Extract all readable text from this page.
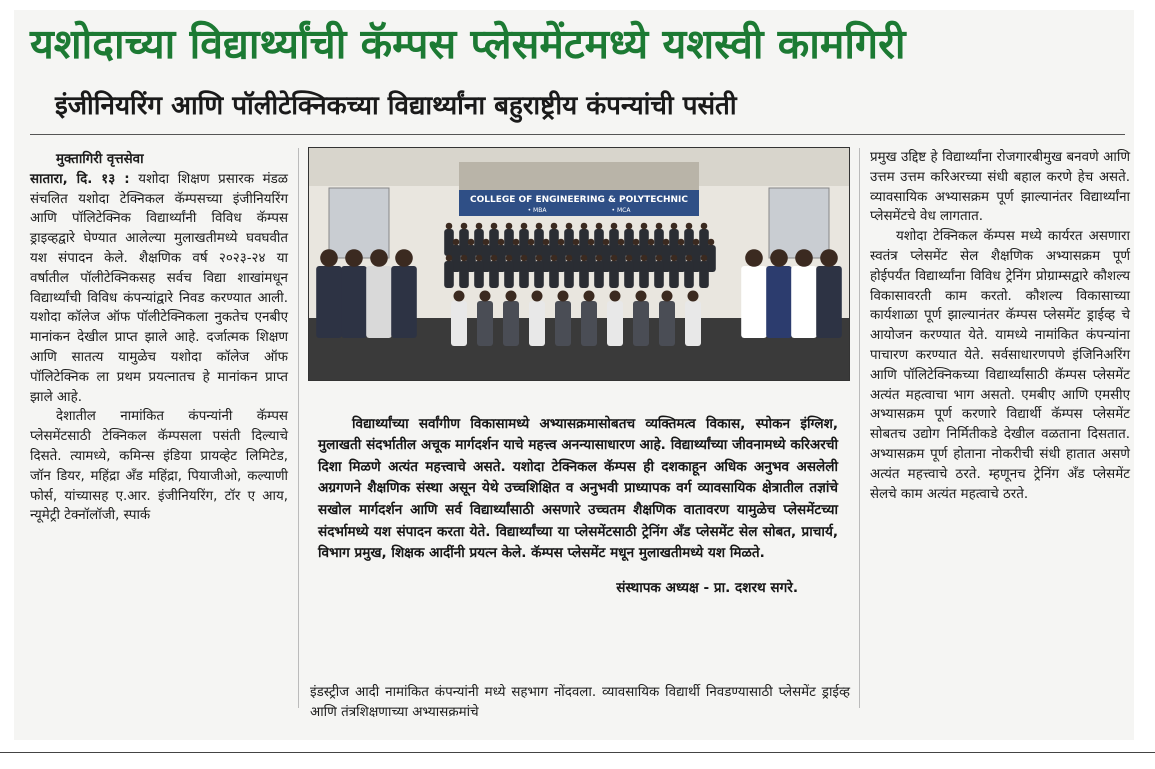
यशोदाच्या विद्यार्थ्यांची कॅम्पस प्लेसमेंटमध्ये यशस्वी कामगिरी
इंजीनियरिंग आणि पॉलीटेक्निकच्या विद्यार्थ्यांना बहुराष्ट्रीय कंपन्यांची पसंती

मुक्तागिरी वृत्तसेवा

सातारा, दि. १३ : यशोदा शिक्षण प्रसारक मंडळ संचलित यशोदा टेक्निकल कॅम्पसच्या इंजीनियरिंग आणि पॉलिटेक्निक विद्यार्थ्यांनी विविध कॅम्पस ड्राइव्हद्वारे घेण्यात आलेल्या मुलाखतीमध्ये घवघवीत यश संपादन केले. शैक्षणिक वर्ष २०२३-२४ या वर्षातील पॉलीटेक्निकसह सर्वच विद्या शाखांमधून विद्यार्थ्यांची विविध कंपन्यांद्वारे निवड करण्यात आली. यशोदा कॉलेज ऑफ पॉलीटेक्निकला नुकतेच एनबीए मानांकन देखील प्राप्त झाले आहे. दर्जात्मक शिक्षण आणि सातत्य यामुळेच यशोदा कॉलेज ऑफ पॉलिटेक्निक ला प्रथम प्रयत्नातच हे मानांकन प्राप्त झाले आहे.

देशातील नामांकित कंपन्यांनी कॅम्पस प्लेसमेंटसाठी टेक्निकल कॅम्पसला पसंती दिल्याचे दिसते. त्यामध्ये, कमिन्स इंडिया प्रायव्हेट लिमिटेड, जॉन डियर, महिंद्रा अँड महिंद्रा, पियाजीओ, कल्याणी फोर्स, यांच्यासह ए.आर. इंजीनियरिंग, टॉर ए आय, न्यूमेट्री टेक्नॉलॉजी, स्पार्क

COLLEGE OF ENGINEERING & POLYTECHNIC
• MBA	• MCA

विद्यार्थ्यांच्या सर्वांगीण विकासामध्ये अभ्यासक्रमासोबतच व्यक्तिमत्व विकास, स्पोकन इंग्लिश, मुलाखती संदर्भातील अचूक मार्गदर्शन याचे महत्त्व अनन्यासाधारण आहे. विद्यार्थ्यांच्या जीवनामध्ये करिअरची दिशा मिळणे अत्यंत महत्त्वाचे असते. यशोदा टेक्निकल कॅम्पस ही दशकाहून अधिक अनुभव असलेली अग्रगणने शैक्षणिक संस्था असून येथे उच्चशिक्षित व अनुभवी प्राध्यापक वर्ग व्यावसायिक क्षेत्रातील तज्ञांचे सखोल मार्गदर्शन आणि सर्व विद्यार्थ्यांसाठी असणारे उच्चतम शैक्षणिक वातावरण यामुळेच प्लेसमेंटच्या संदर्भामध्ये यश संपादन करता येते. विद्यार्थ्यांच्या या प्लेसमेंटसाठी ट्रेनिंग अँड प्लेसमेंट सेल सोबत, प्राचार्य, विभाग प्रमुख, शिक्षक आदींनी प्रयत्न केले. कॅम्पस प्लेसमेंट मधून मुलाखतीमध्ये यश मिळते.

संस्थापक अध्यक्ष - प्रा. दशरथ सगरे.

इंडस्ट्रीज आदी नामांकित कंपन्यांनी मध्ये सहभाग नोंदवला. व्यावसायिक विद्यार्थी निवडण्यासाठी प्लेसमेंट ड्राईव्ह आणि तंत्रशिक्षणाच्या अभ्यासक्रमांचे

प्रमुख उद्दिष्ट हे विद्यार्थ्यांना रोजगारबीमुख बनवणे आणि उत्तम उत्तम करिअरच्या संधी बहाल करणे हेच असते. व्यावसायिक अभ्यासक्रम पूर्ण झाल्यानंतर विद्यार्थ्यांना प्लेसमेंटचे वेध लागतात.

यशोदा टेक्निकल कॅम्पस मध्ये कार्यरत असणारा स्वतंत्र प्लेसमेंट सेल शैक्षणिक अभ्यासक्रम पूर्ण होईपर्यंत विद्यार्थ्यांना विविध ट्रेनिंग प्रोग्राम्सद्वारे कौशल्य विकासावरती काम करतो. कौशल्य विकासाच्या कार्यशाळा पूर्ण झाल्यानंतर कॅम्पस प्लेसमेंट ड्राईव्ह चे आयोजन करण्यात येते. यामध्ये नामांकित कंपन्यांना पाचारण करण्यात येते. सर्वसाधारणपणे इंजिनिअरिंग आणि पॉलिटेक्निकच्या विद्यार्थ्यांसाठी कॅम्पस प्लेसमेंट अत्यंत महत्वाचा भाग असतो. एमबीए आणि एमसीए अभ्यासक्रम पूर्ण करणारे विद्यार्थी कॅम्पस प्लेसमेंट सोबतच उद्योग निर्मितीकडे देखील वळताना दिसतात. अभ्यासक्रम पूर्ण होताना नोकरीची संधी हातात असणे अत्यंत महत्त्वाचे ठरते. म्हणूनच ट्रेनिंग अँड प्लेसमेंट सेलचे काम अत्यंत महत्वाचे ठरते.
